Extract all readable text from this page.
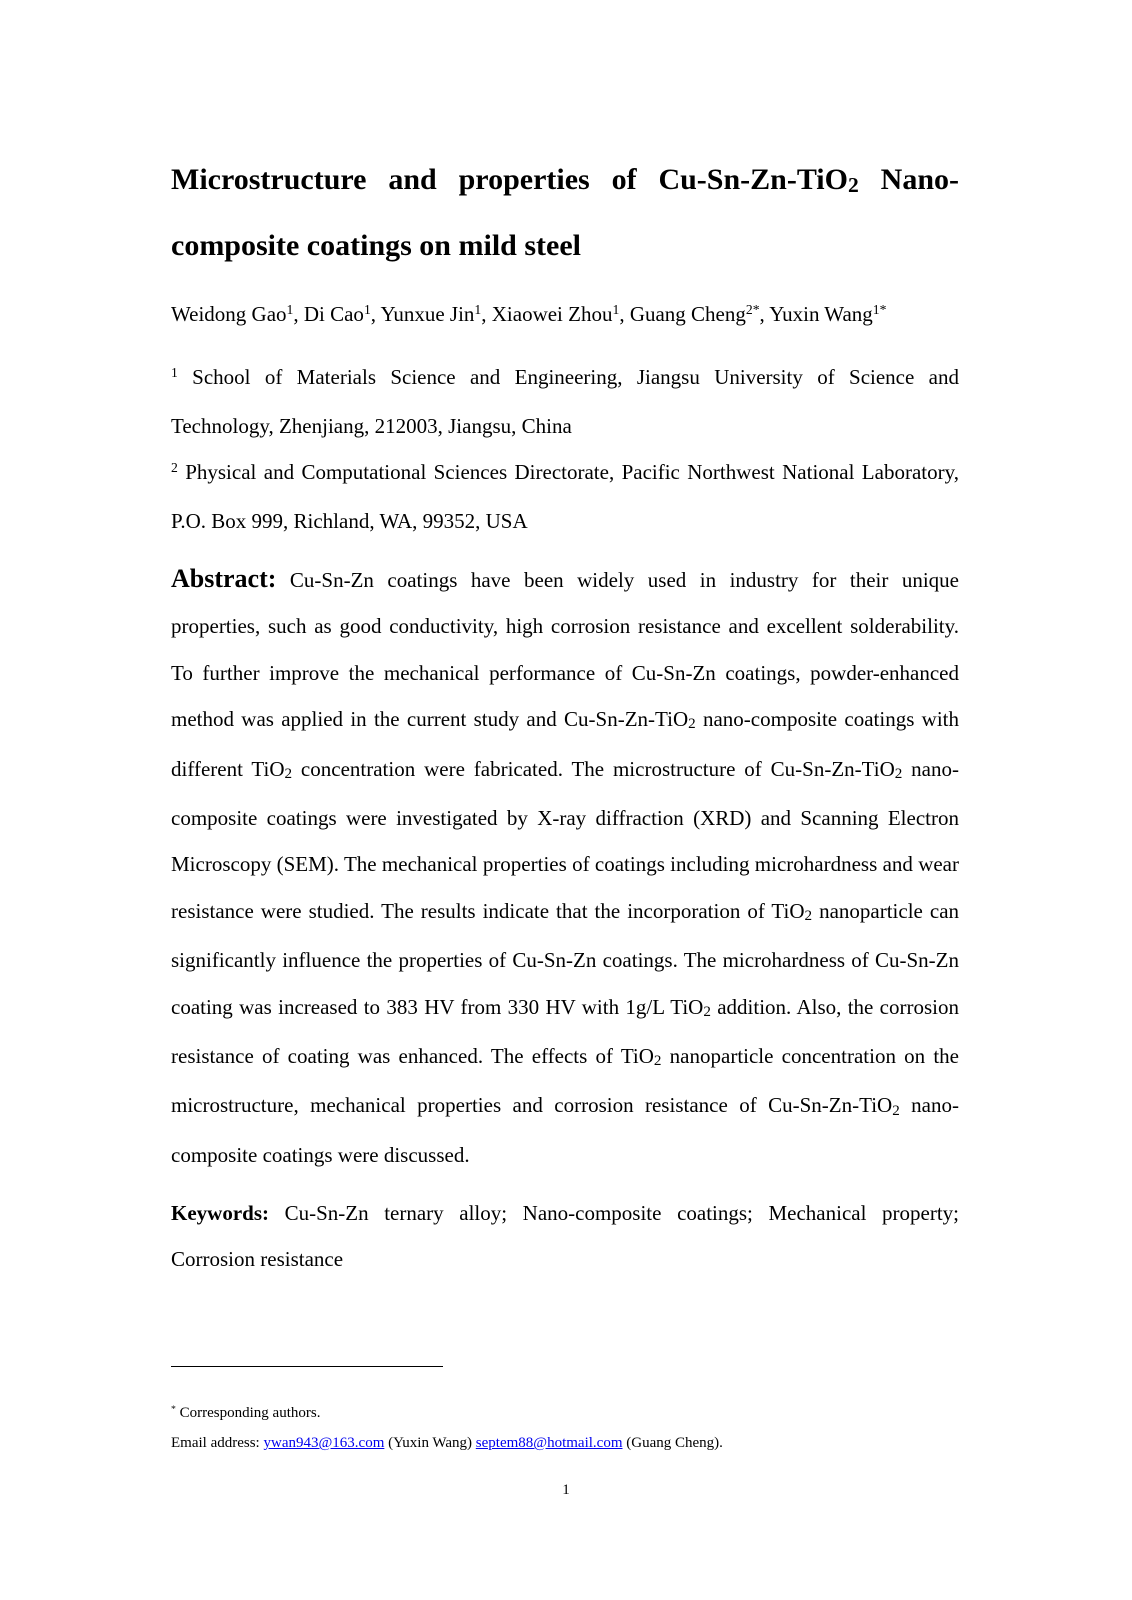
Microstructure and properties of Cu-Sn-Zn-TiO$_2$ Nano-composite coatings on mild steel

Weidong Gao$^1$, Di Cao$^1$, Yunxue Jin$^1$, Xiaowei Zhou$^1$, Guang Cheng$^{2*}$, Yuxin Wang$^{1*}$

$^1$ School of Materials Science and Engineering, Jiangsu University of Science and Technology, Zhenjiang, 212003, Jiangsu, China

$^2$ Physical and Computational Sciences Directorate, Pacific Northwest National Laboratory, P.O. Box 999, Richland, WA, 99352, USA

Abstract: Cu-Sn-Zn coatings have been widely used in industry for their unique properties, such as good conductivity, high corrosion resistance and excellent solderability. To further improve the mechanical performance of Cu-Sn-Zn coatings, powder-enhanced method was applied in the current study and Cu-Sn-Zn-TiO$_2$ nano-composite coatings with different TiO$_2$ concentration were fabricated. The microstructure of Cu-Sn-Zn-TiO$_2$ nano-composite coatings were investigated by X-ray diffraction (XRD) and Scanning Electron Microscopy (SEM). The mechanical properties of coatings including microhardness and wear resistance were studied. The results indicate that the incorporation of TiO$_2$ nanoparticle can significantly influence the properties of Cu-Sn-Zn coatings. The microhardness of Cu-Sn-Zn coating was increased to 383 HV from 330 HV with 1g/L TiO$_2$ addition. Also, the corrosion resistance of coating was enhanced. The effects of TiO$_2$ nanoparticle concentration on the microstructure, mechanical properties and corrosion resistance of Cu-Sn-Zn-TiO$_2$ nano-composite coatings were discussed.

Keywords: Cu-Sn-Zn ternary alloy; Nano-composite coatings; Mechanical property; Corrosion resistance

* Corresponding authors.

Email address: ywan943@163.com (Yuxin Wang) septem88@hotmail.com (Guang Cheng).

1
